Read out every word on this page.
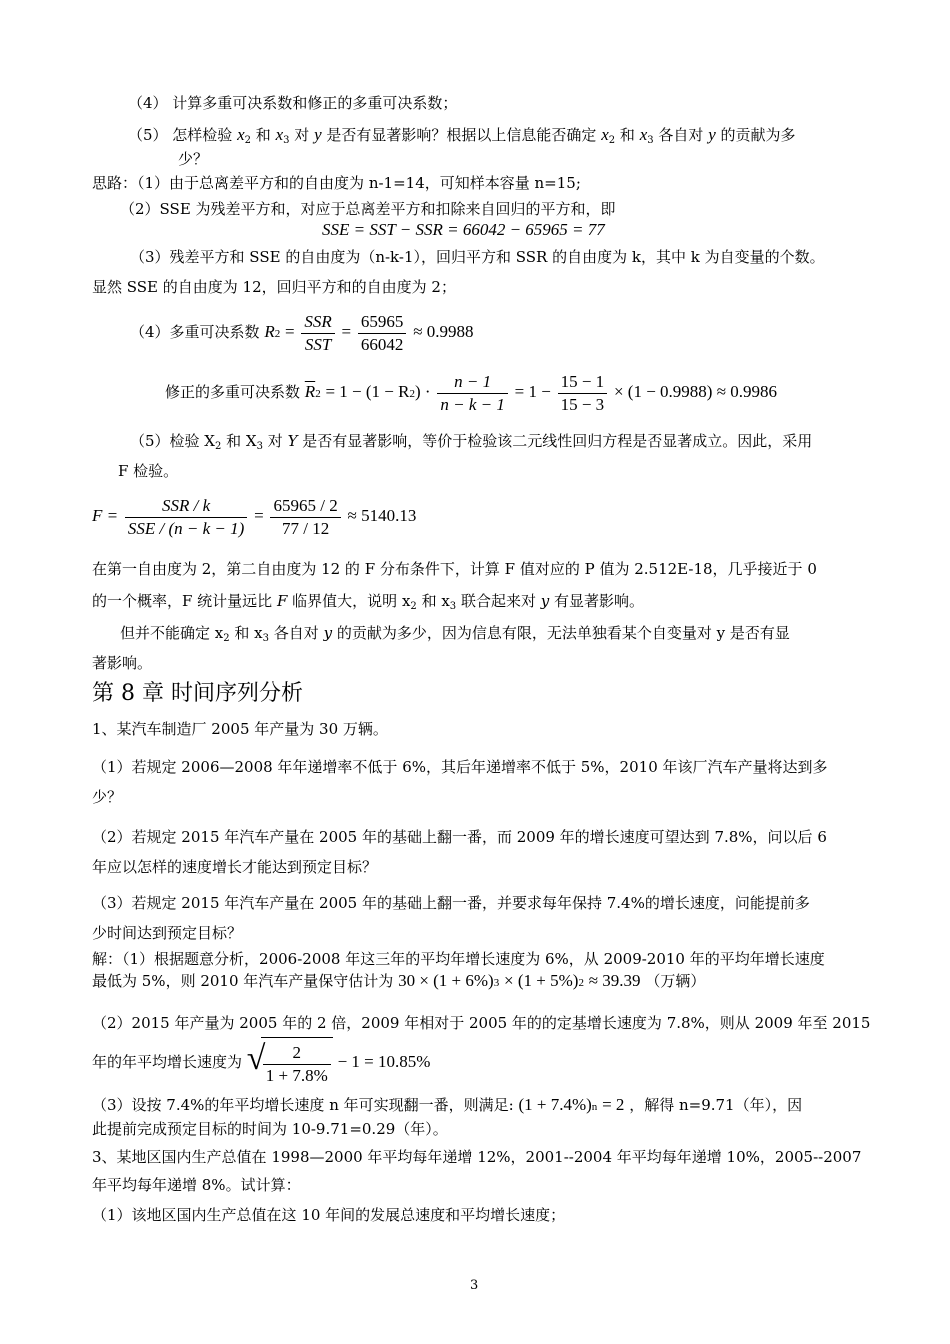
（4） 计算多重可决系数和修正的多重可决系数；
（5） 怎样检验 $x_2$ 和 $x_3$ 对 y 是否有显著影响？根据以上信息能否确定 $x_2$ 和 $x_3$ 各自对 y 的贡献为多
少？
思路：（1）由于总离差平方和的自由度为 n-1=14，可知样本容量 n=15;
（2）SSE 为残差平方和，对应于总离差平方和扣除来自回归的平方和，即
SSE = SST − SSR = 66042 − 65965 = 77
（3）残差平方和 SSE 的自由度为（n-k-1），回归平方和 SSR 的自由度为 k，其中 k 为自变量的个数。
显然 SSE 的自由度为 12，回归平方和的自由度为 2；
（4）多重可决系数 $R2 = \frac{\text{SSR}}{\text{SST}} = \frac{65965}{66042} \approx 0.9988$
修正的多重可决系数 $\overline{R}2 = 1 - (1 - R2) \cdot \frac{n - 1}{n - k - 1} = 1 - \frac{15 - 1}{15 - 3} \times (1 - 0.9988) \approx 0.9986$
（5）检验 $X_2$ 和 $X_3$ 对 Y 是否有显著影响，等价于检验该二元线性回归方程是否显著成立。因此，采用
F 检验。
$F = \frac{\text{SSR / k}}{\text{SSE / (n − k − 1)}} = \frac{65965 / 2}{77 / 12} \approx 5140.13$
在第一自由度为 2，第二自由度为 12 的 F 分布条件下，计算 F 值对应的 P 值为 2.512E-18，几乎接近于 0
的一个概率，F 统计量远比 F 临界值大，说明 $x_2$ 和 $x_3$ 联合起来对 y 有显著影响。
但并不能确定 $x_2$ 和 $x_3$ 各自对 y 的贡献为多少，因为信息有限，无法单独看某个自变量对 y 是否有显
著影响。
第 8 章 时间序列分析
1、某汽车制造厂 2005 年产量为 30 万辆。
（1）若规定 2006—2008 年年递增率不低于 6%，其后年递增率不低于 5%，2010 年该厂汽车产量将达到多
少？
（2）若规定 2015 年汽车产量在 2005 年的基础上翻一番，而 2009 年的增长速度可望达到 7.8%，问以后 6
年应以怎样的速度增长才能达到预定目标？
（3）若规定 2015 年汽车产量在 2005 年的基础上翻一番，并要求每年保持 7.4%的增长速度，问能提前多
少时间达到预定目标？
解：（1）根据题意分析，2006-2008 年这三年的平均年增长速度为 6%，从 2009-2010 年的平均年增长速度
最低为 5%，则 2010 年汽车产量保守估计为 30 × (1 + 6%)3 × (1 + 5%)2 ≈ 39.39 （万辆）
（2）2015 年产量为 2005 年的 2 倍，2009 年相对于 2005 年的的定基增长速度为 7.8%，则从 2009 年至 2015
年的年平均增长速度为 √
$\frac{2}{1 + 7.8\%} - 1 = 10.85\%$
（3）设按 7.4%的年平均增长速度 n 年可实现翻一番，则满足: (1 + 7.4%)n = 2 ，解得 n=9.71（年），因
此提前完成预定目标的时间为 10-9.71=0.29（年）。
3、某地区国内生产总值在 1998—2000 年平均每年递增 12%，2001--2004 年平均每年递增 10%，2005--2007
年平均每年递增 8%。试计算：
（1）该地区国内生产总值在这 10 年间的发展总速度和平均增长速度；
3
